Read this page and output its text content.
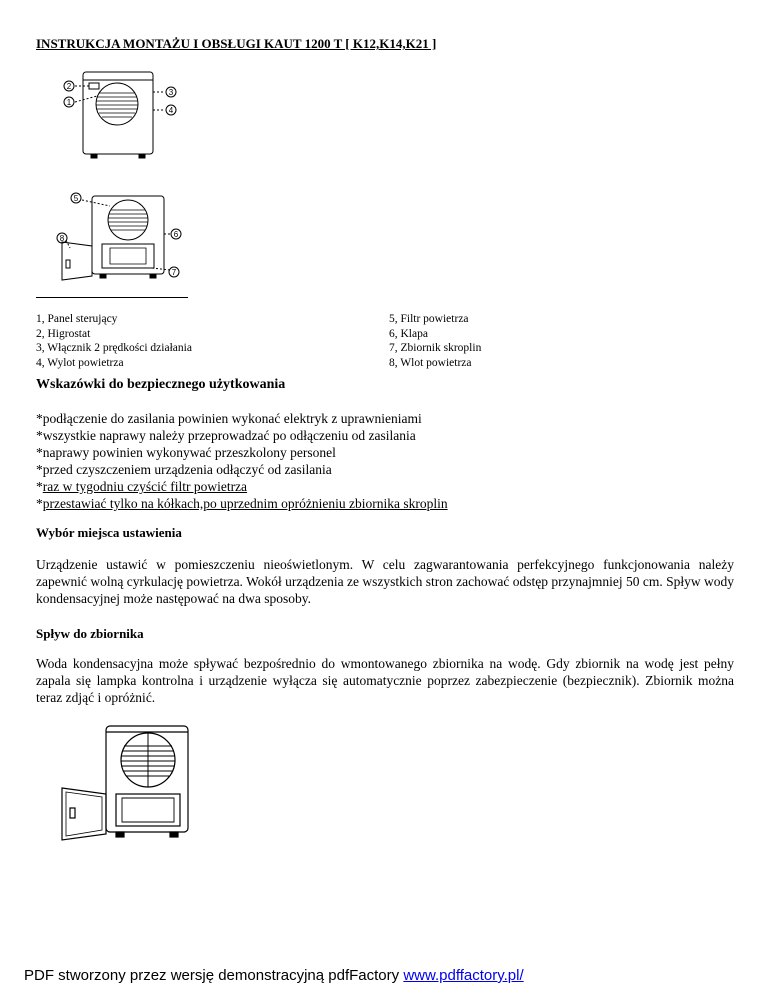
INSTRUKCJA MONTAŻU I OBSŁUGI KAUT 1200 T [ K12,K14,K21 ]
2
1
3
4
5
8	6
7
1, Panel sterujący
2, Higrostat
3, Włącznik 2 prędkości działania
4, Wylot powietrza
5, Filtr powietrza
6, Klapa
7, Zbiornik skroplin
8, Wlot powietrza
Wskazówki do bezpiecznego użytkowania
*podłączenie do zasilania powinien wykonać elektryk z uprawnieniami
*wszystkie naprawy należy przeprowadzać po odłączeniu od zasilania
*naprawy powinien wykonywać przeszkolony personel
*przed czyszczeniem urządzenia odłączyć od zasilania
*raz w tygodniu czyścić filtr powietrza
*przestawiać tylko na kółkach,po uprzednim opróżnieniu zbiornika skroplin
Wybór miejsca ustawienia
Urządzenie ustawić w pomieszczeniu nieoświetlonym. W celu zagwarantowania perfekcyjnego funkcjonowania należy zapewnić wolną cyrkulację powietrza. Wokół urządzenia ze wszystkich stron zachować odstęp przynajmniej 50 cm. Spływ wody kondensacyjnej może następować na dwa sposoby.
Spływ do zbiornika
Woda kondensacyjna może spływać bezpośrednio do wmontowanego zbiornika na wodę. Gdy zbiornik na wodę jest pełny zapala się lampka kontrolna i urządzenie wyłącza się automatycznie poprzez zabezpieczenie (bezpiecznik). Zbiornik można teraz zdjąć i opróżnić.
PDF stworzony przez wersję demonstracyjną pdfFactory www.pdffactory.pl/
